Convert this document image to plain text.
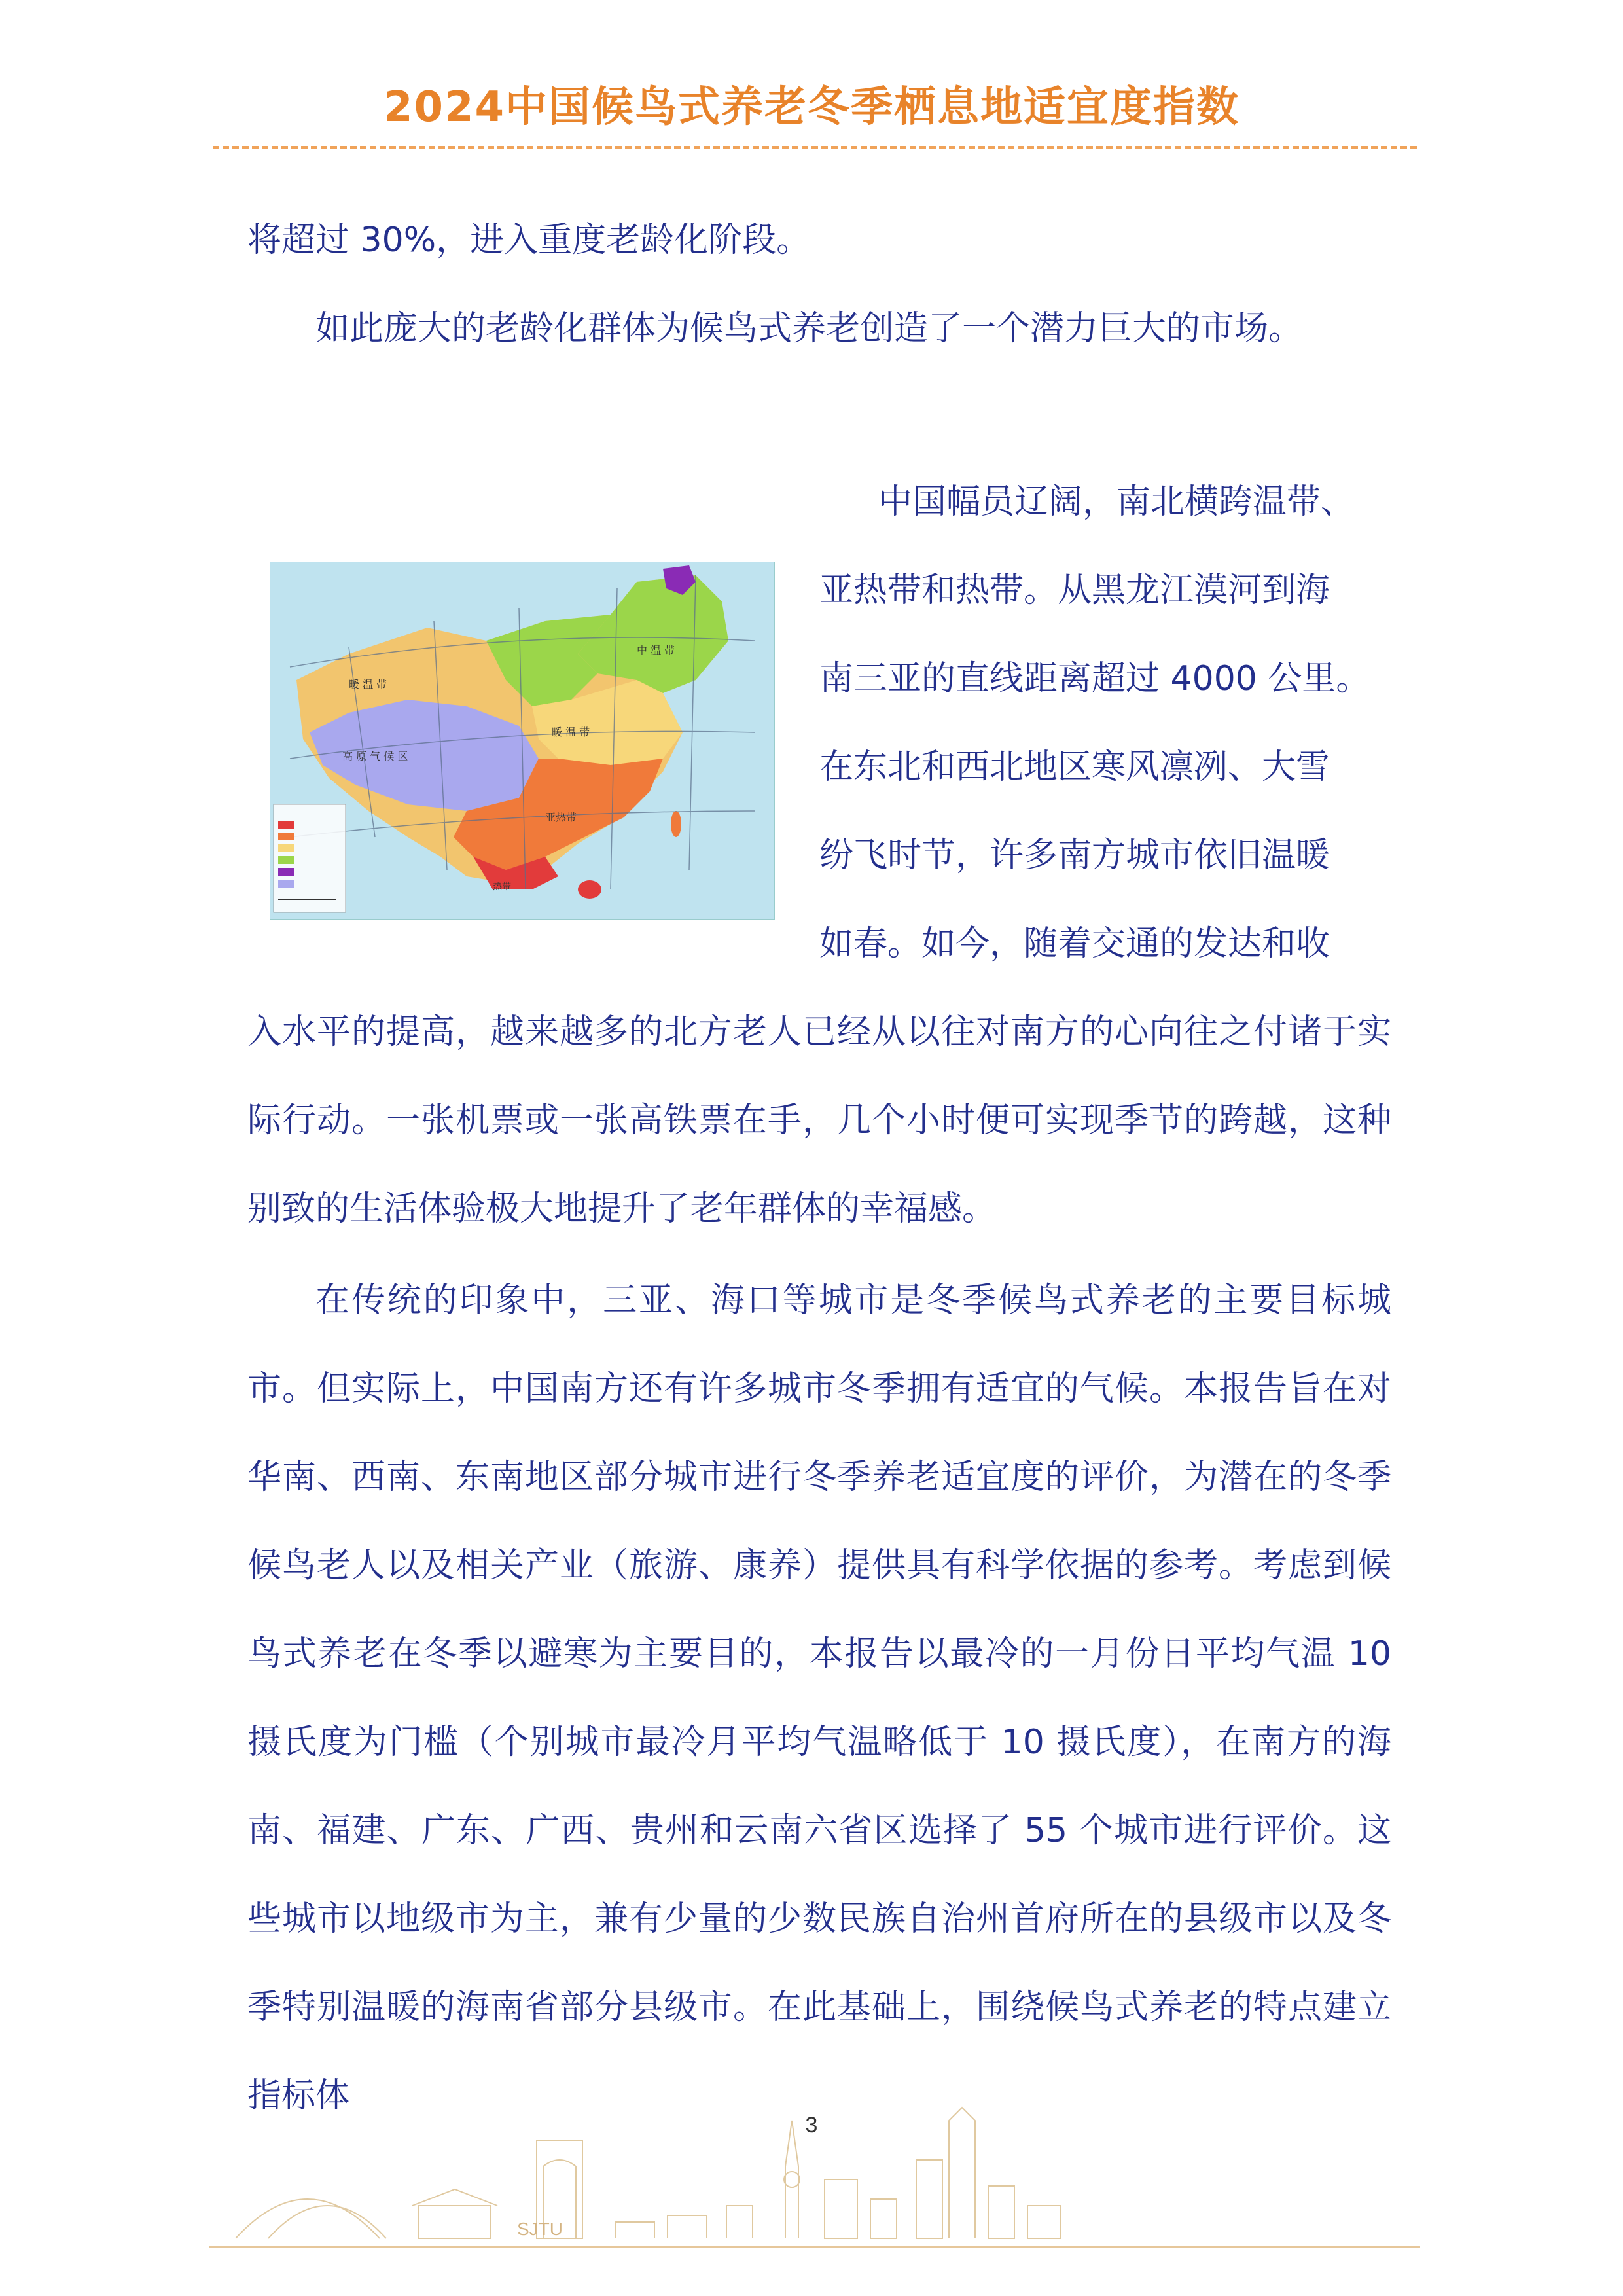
2024中国候鸟式养老冬季栖息地适宜度指数

将超过 30%，进入重度老龄化阶段。

如此庞大的老龄化群体为候鸟式养老创造了一个潜力巨大的市场。

暖 温 带
高 原 气 候 区
暖 温 带
亚热带
热带
中 温 带
中国幅员辽阔，南北横跨温带、
亚热带和热带。从黑龙江漠河到海
南三亚的直线距离超过 4000 公里。
在东北和西北地区寒风凛冽、大雪
纷飞时节，许多南方城市依旧温暖
如春。如今，随着交通的发达和收

入水平的提高，越来越多的北方老人已经从以往对南方的心向往之付诸于实际行动。一张机票或一张高铁票在手，几个小时便可实现季节的跨越，这种别致的生活体验极大地提升了老年群体的幸福感。

在传统的印象中，三亚、海口等城市是冬季候鸟式养老的主要目标城市。但实际上，中国南方还有许多城市冬季拥有适宜的气候。本报告旨在对华南、西南、东南地区部分城市进行冬季养老适宜度的评价，为潜在的冬季候鸟老人以及相关产业（旅游、康养）提供具有科学依据的参考。考虑到候鸟式养老在冬季以避寒为主要目的，本报告以最冷的一月份日平均气温 10 摄氏度为门槛（个别城市最冷月平均气温略低于 10 摄氏度），在南方的海南、福建、广东、广西、贵州和云南六省区选择了 55 个城市进行评价。这些城市以地级市为主，兼有少量的少数民族自治州首府所在的县级市以及冬季特别温暖的海南省部分县级市。在此基础上，围绕候鸟式养老的特点建立指标体

3
SJTU
